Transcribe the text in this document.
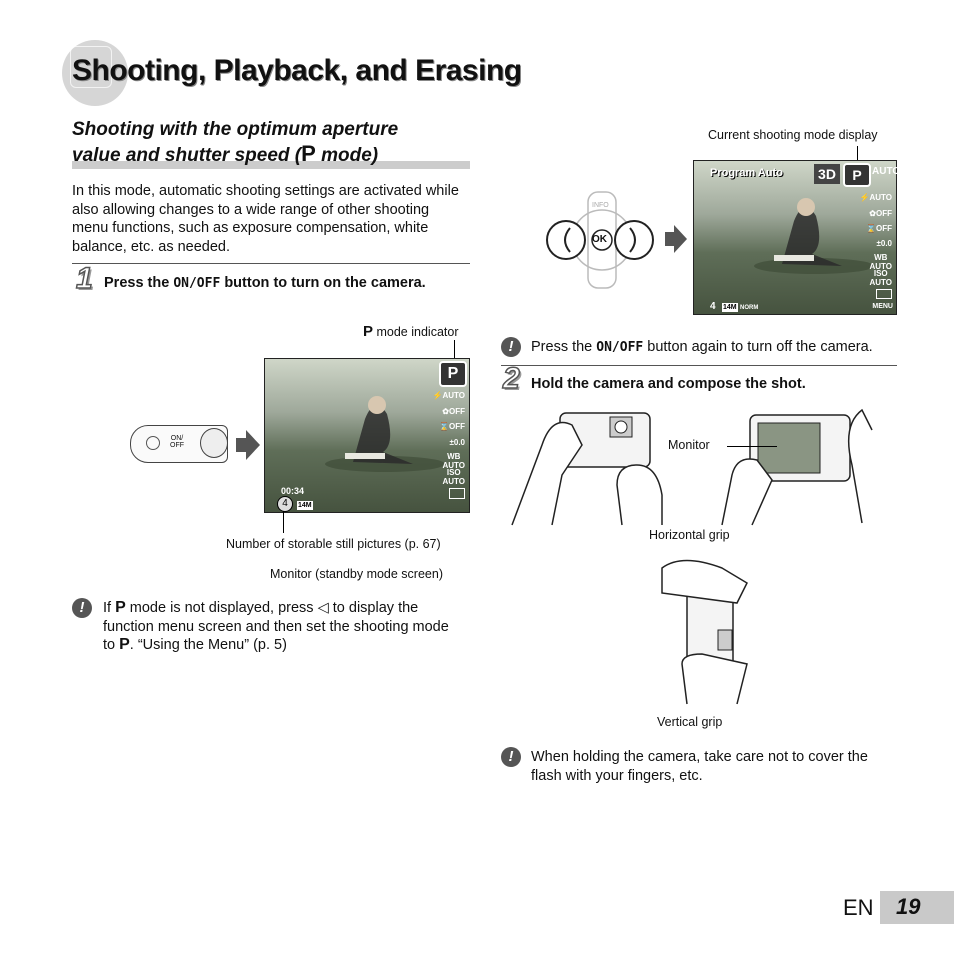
Shooting, Playback, and Erasing
Shooting with the optimum aperture
value and shutter speed (P mode)
In this mode, automatic shooting settings are activated while also allowing changes to a wide range of other shooting menu functions, such as exposure compensation, white balance, etc. as needed.
1 Press the ON/OFF button to turn on the camera.
P mode indicator
ON/
OFF
P
⚡AUTO
✿OFF
⌛OFF
±0.0
WB
AUTO
ISO
AUTO
00:34
4	14M
Number of storable still pictures (p. 67)
Monitor (standby mode screen)
!	If P mode is not displayed, press ◁ to display the function menu screen and then set the shooting mode to P. “Using the Menu” (p. 5)
Current shooting mode display
OK
INFO
Program Auto	3D	P	AUTO
⚡AUTO
✿OFF
⌛OFF
±0.0
WB
AUTO
ISO
AUTO
MENU
4 14M NORM
!	Press the ON/OFF button again to turn off the camera.
2 Hold the camera and compose the shot.
Monitor
Horizontal grip
Vertical grip
!	When holding the camera, take care not to cover the flash with your fingers, etc.
EN 19
